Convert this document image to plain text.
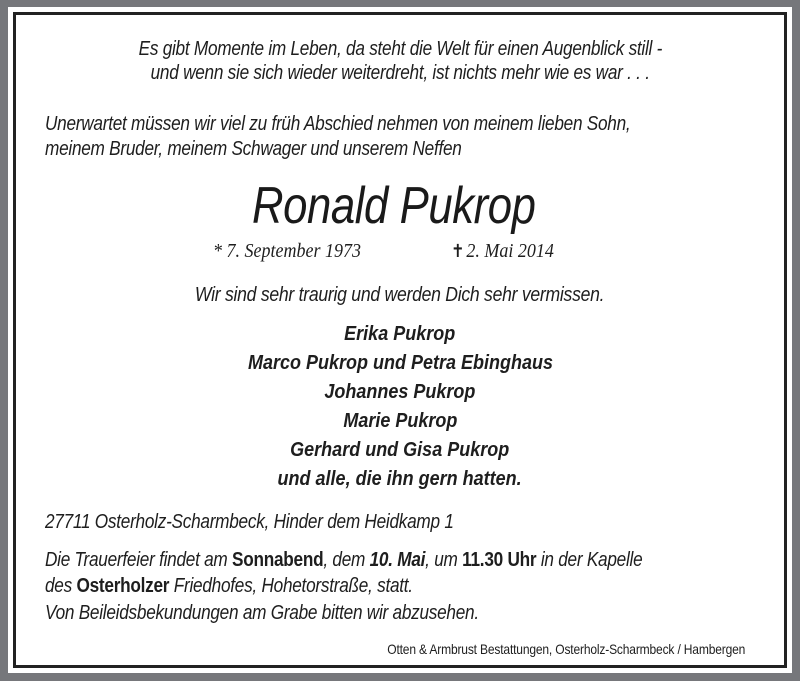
Es gibt Momente im Leben, da steht die Welt für einen Augenblick still -
und wenn sie sich wieder weiterdreht, ist nichts mehr wie es war . . .
Unerwartet müssen wir viel zu früh Abschied nehmen von meinem lieben Sohn,
meinem Bruder, meinem Schwager und unserem Neffen
Ronald Pukrop
* 7. September 1973	✝2. Mai 2014
Wir sind sehr traurig und werden Dich sehr vermissen.
Erika Pukrop
Marco Pukrop und Petra Ebinghaus
Johannes Pukrop
Marie Pukrop
Gerhard und Gisa Pukrop
und alle, die ihn gern hatten.
27711 Osterholz-Scharmbeck, Hinder dem Heidkamp 1
Die Trauerfeier findet am Sonnabend, dem 10. Mai, um 11.30 Uhr in der Kapelle
des Osterholzer Friedhofes, Hohetorstraße, statt.
Von Beileidsbekundungen am Grabe bitten wir abzusehen.
Otten & Armbrust Bestattungen, Osterholz-Scharmbeck / Hambergen
